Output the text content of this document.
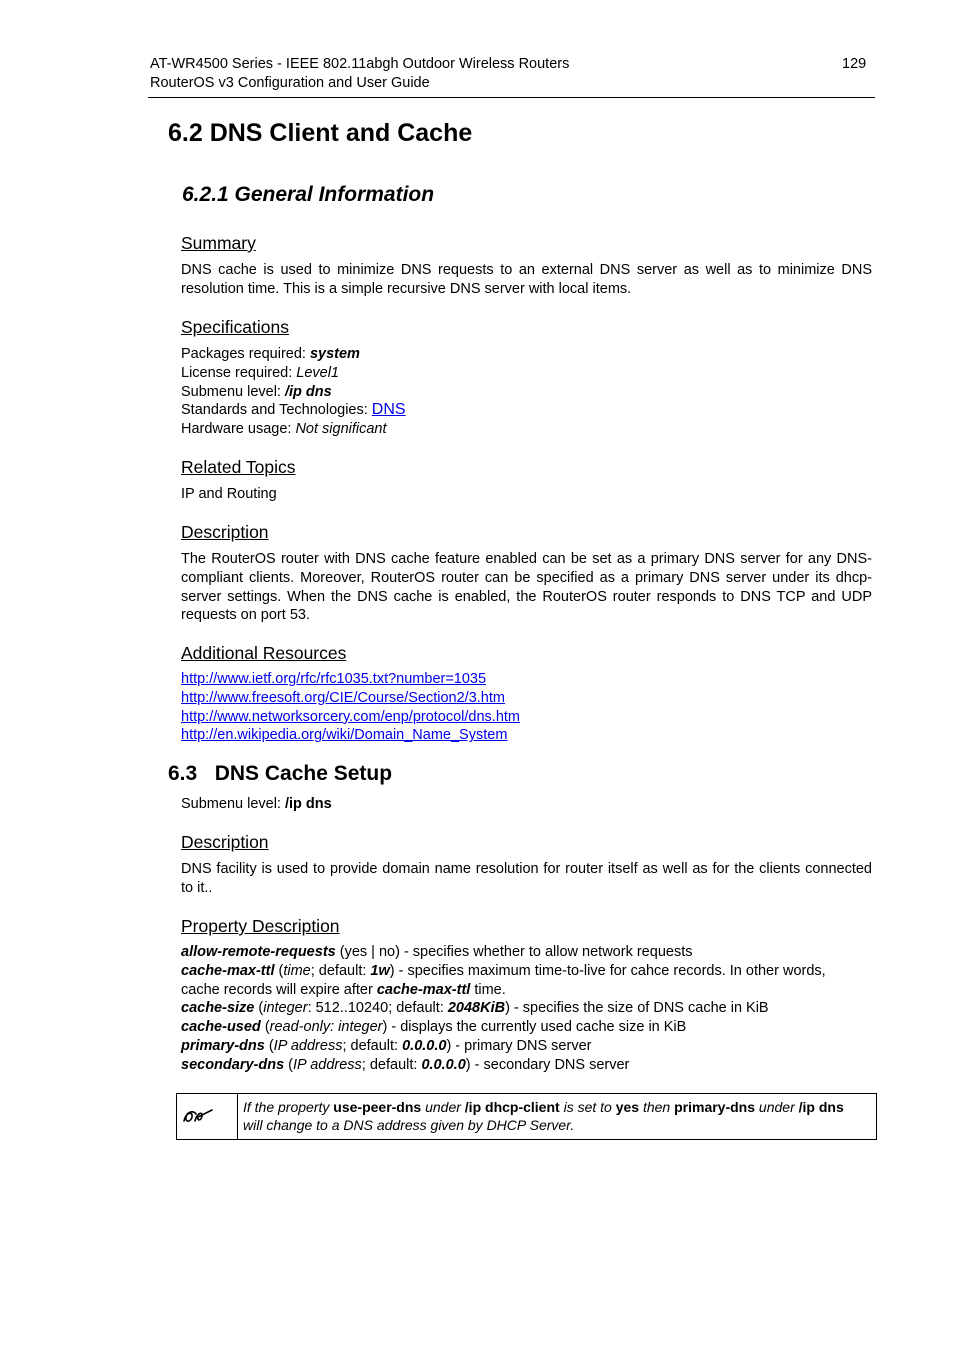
AT-WR4500 Series - IEEE 802.11abgh Outdoor Wireless Routers
RouterOS v3 Configuration and User Guide
129
6.2 DNS Client and Cache
6.2.1 General Information
Summary
DNS cache is used to minimize DNS requests to an external DNS server as well as to minimize DNS resolution time. This is a simple recursive DNS server with local items.
Specifications
Packages required: system
License required: Level1
Submenu level: /ip dns
Standards and Technologies: DNS
Hardware usage: Not significant
Related Topics
IP and Routing
Description
The RouterOS router with DNS cache feature enabled can be set as a primary DNS server for any DNS-compliant clients. Moreover, RouterOS router can be specified as a primary DNS server under its dhcp-server settings. When the DNS cache is enabled, the RouterOS router responds to DNS TCP and UDP requests on port 53.
Additional Resources
http://www.ietf.org/rfc/rfc1035.txt?number=1035
http://www.freesoft.org/CIE/Course/Section2/3.htm
http://www.networksorcery.com/enp/protocol/dns.htm
http://en.wikipedia.org/wiki/Domain_Name_System
6.3   DNS Cache Setup
Submenu level: /ip dns
Description
DNS facility is used to provide domain name resolution for router itself as well as for the clients connected to it..
Property Description
allow-remote-requests (yes | no) - specifies whether to allow network requests
cache-max-ttl (time; default: 1w) - specifies maximum time-to-live for cahce records. In other words,
cache records will expire after cache-max-ttl time.
cache-size (integer: 512..10240; default: 2048KiB) - specifies the size of DNS cache in KiB
cache-used (read-only: integer) - displays the currently used cache size in KiB
primary-dns (IP address; default: 0.0.0.0) - primary DNS server
secondary-dns (IP address; default: 0.0.0.0) - secondary DNS server
If the property use-peer-dns under /ip dhcp-client is set to yes then primary-dns under /ip dns
will change to a DNS address given by DHCP Server.
